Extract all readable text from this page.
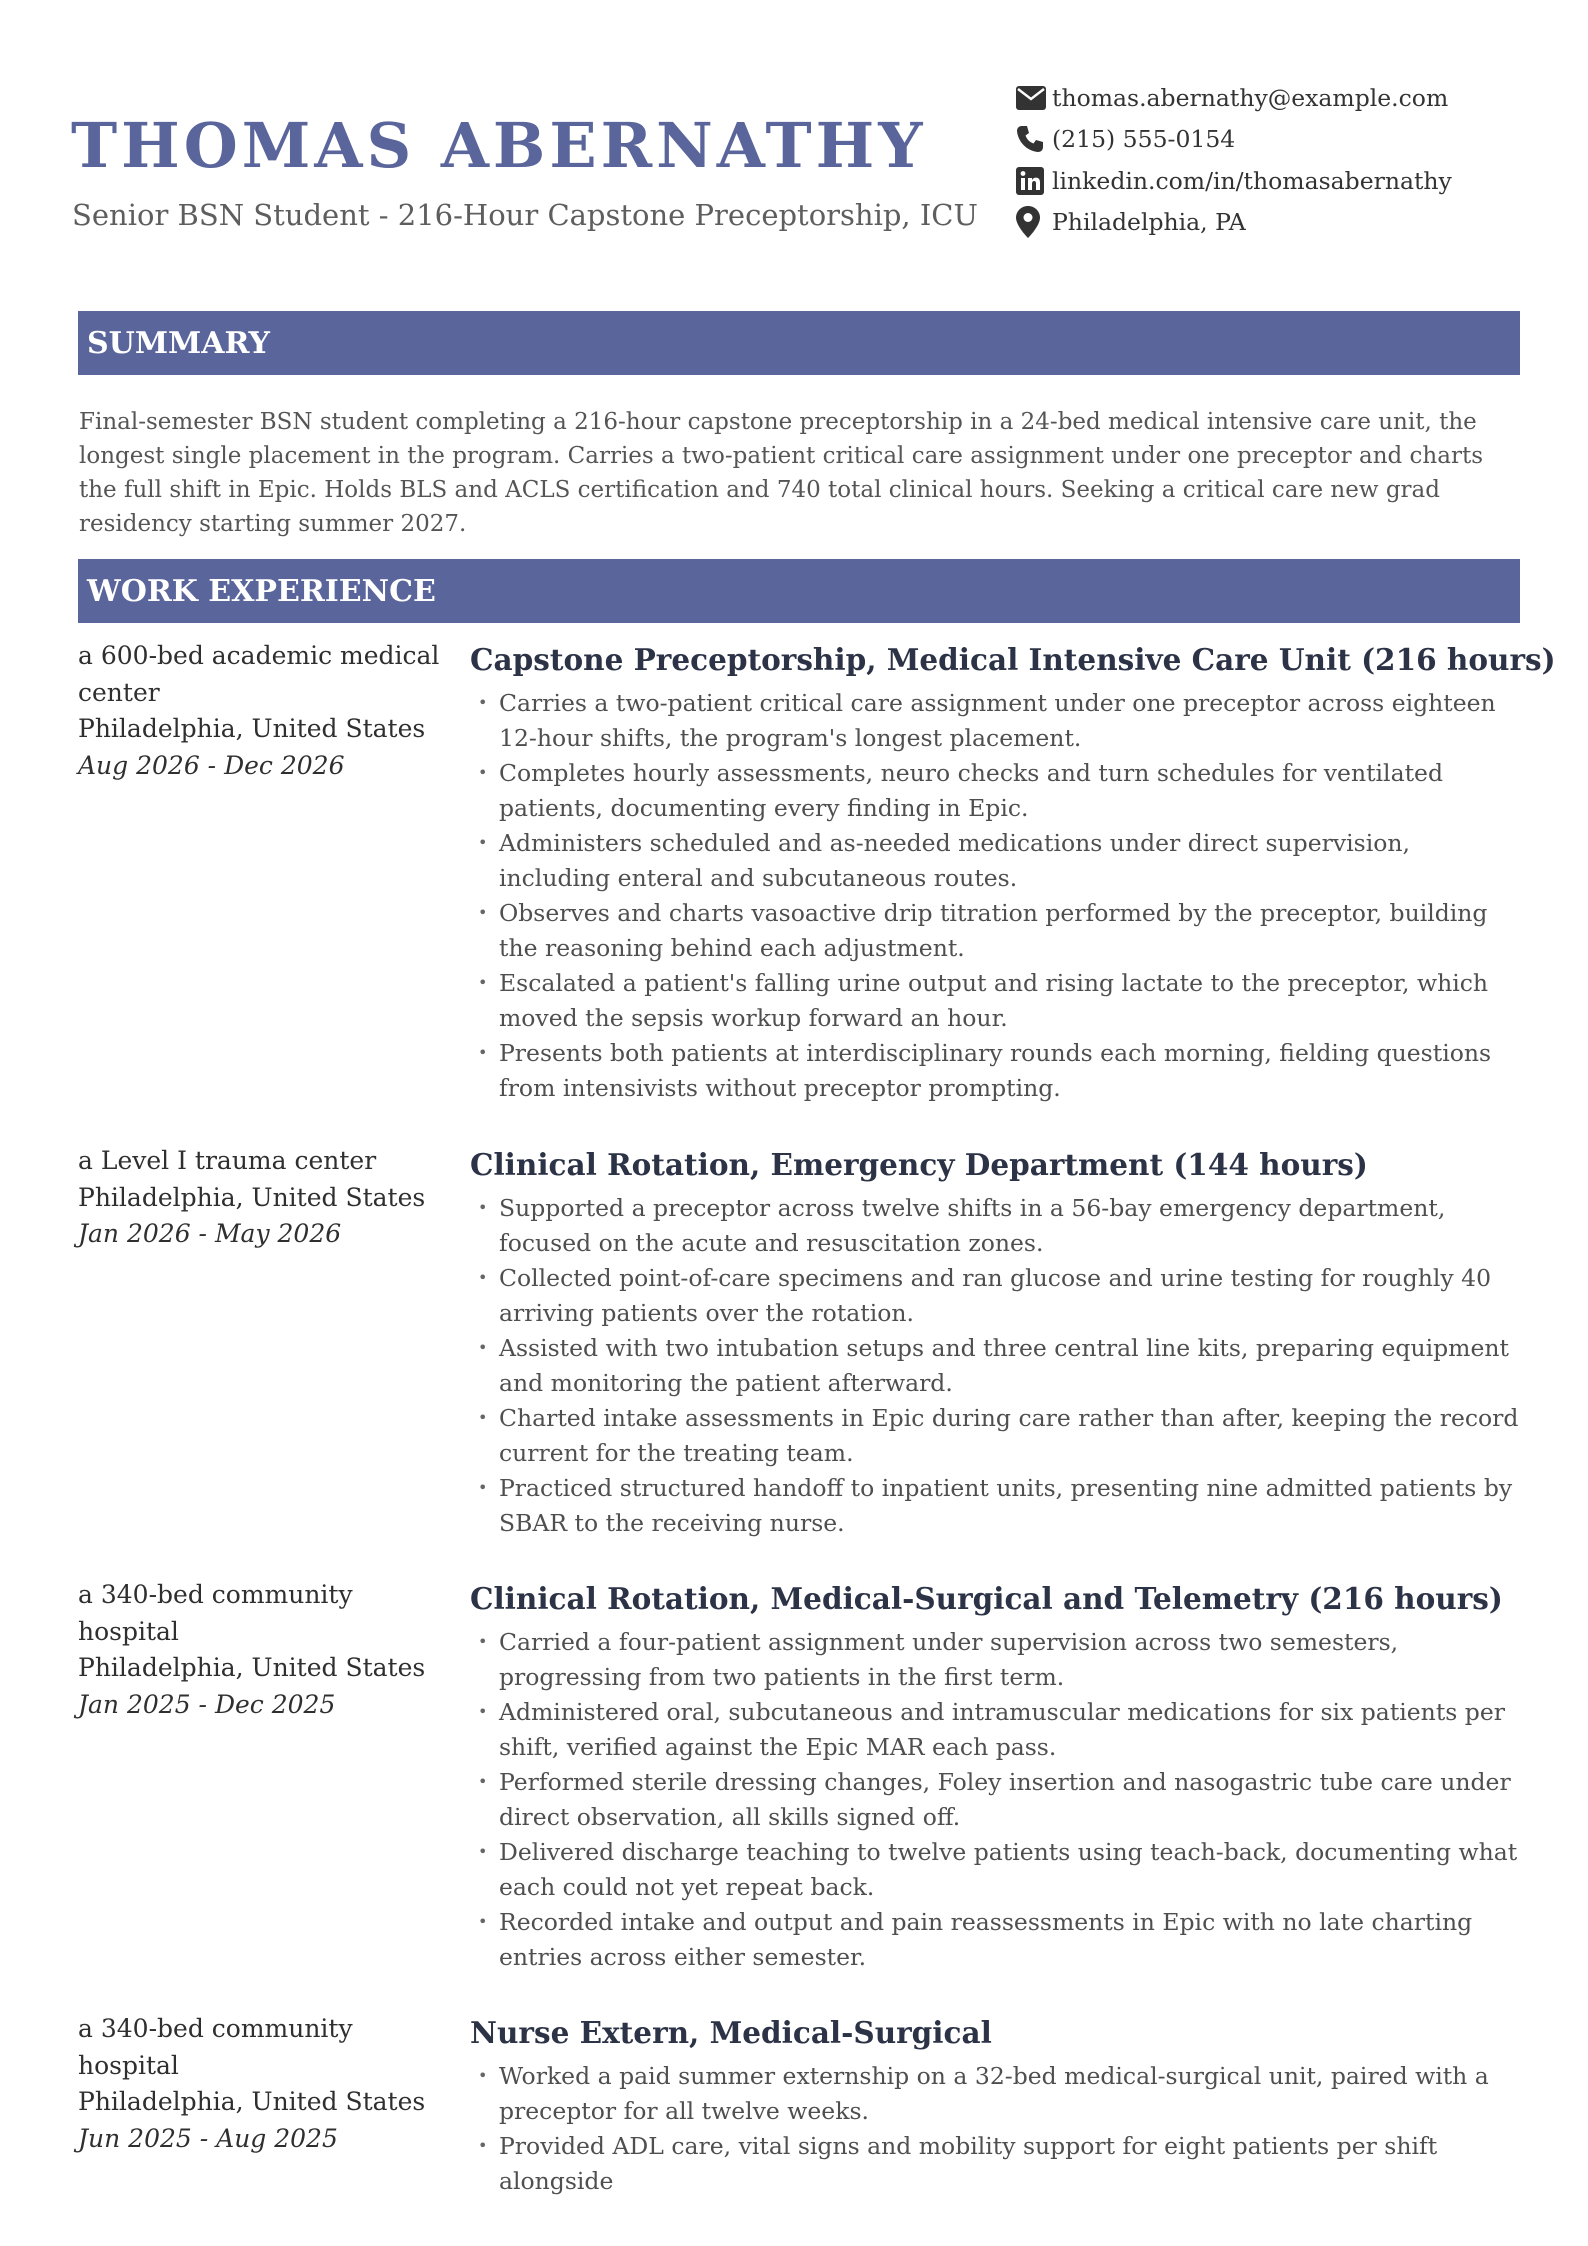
THOMAS ABERNATHY
Senior BSN Student - 216-Hour Capstone Preceptorship, ICU
thomas.abernathy@example.com
(215) 555-0154
linkedin.com/in/thomasabernathy
Philadelphia, PA
SUMMARY
Final-semester BSN student completing a 216-hour capstone preceptorship in a 24-bed medical intensive care unit, the longest single placement in the program. Carries a two-patient critical care assignment under one preceptor and charts the full shift in Epic. Holds BLS and ACLS certification and 740 total clinical hours. Seeking a critical care new grad residency starting summer 2027.
WORK EXPERIENCE
a 600-bed academic medical center
Philadelphia, United States
Aug 2026 - Dec 2026
Capstone Preceptorship, Medical Intensive Care Unit (216 hours)
• Carries a two-patient critical care assignment under one preceptor across eighteen 12-hour shifts, the program's longest placement.
• Completes hourly assessments, neuro checks and turn schedules for ventilated patients, documenting every finding in Epic.
• Administers scheduled and as-needed medications under direct supervision, including enteral and subcutaneous routes.
• Observes and charts vasoactive drip titration performed by the preceptor, building the reasoning behind each adjustment.
• Escalated a patient's falling urine output and rising lactate to the preceptor, which moved the sepsis workup forward an hour.
• Presents both patients at interdisciplinary rounds each morning, fielding questions from intensivists without preceptor prompting.
a Level I trauma center
Philadelphia, United States
Jan 2026 - May 2026
Clinical Rotation, Emergency Department (144 hours)
• Supported a preceptor across twelve shifts in a 56-bay emergency department, focused on the acute and resuscitation zones.
• Collected point-of-care specimens and ran glucose and urine testing for roughly 40 arriving patients over the rotation.
• Assisted with two intubation setups and three central line kits, preparing equipment and monitoring the patient afterward.
• Charted intake assessments in Epic during care rather than after, keeping the record current for the treating team.
• Practiced structured handoff to inpatient units, presenting nine admitted patients by SBAR to the receiving nurse.
a 340-bed community hospital
Philadelphia, United States
Jan 2025 - Dec 2025
Clinical Rotation, Medical-Surgical and Telemetry (216 hours)
• Carried a four-patient assignment under supervision across two semesters, progressing from two patients in the first term.
• Administered oral, subcutaneous and intramuscular medications for six patients per shift, verified against the Epic MAR each pass.
• Performed sterile dressing changes, Foley insertion and nasogastric tube care under direct observation, all skills signed off.
• Delivered discharge teaching to twelve patients using teach-back, documenting what each could not yet repeat back.
• Recorded intake and output and pain reassessments in Epic with no late charting entries across either semester.
a 340-bed community hospital
Philadelphia, United States
Jun 2025 - Aug 2025
Nurse Extern, Medical-Surgical
• Worked a paid summer externship on a 32-bed medical-surgical unit, paired with a preceptor for all twelve weeks.
• Provided ADL care, vital signs and mobility support for eight patients per shift alongside
